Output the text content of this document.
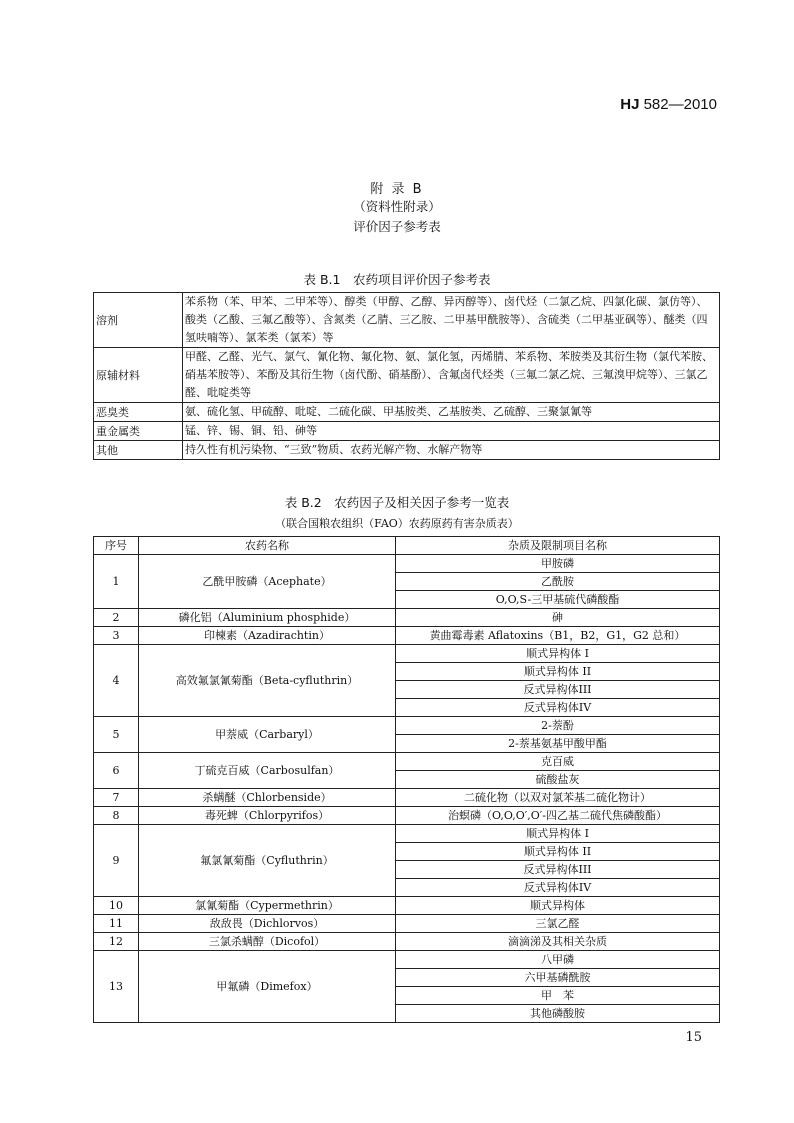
HJ 582—2010
附 录 B
（资料性附录）
评价因子参考表
表 B.1　农药项目评价因子参考表
溶剂	苯系物（苯、甲苯、二甲苯等）、醇类（甲醇、乙醇、异丙醇等）、卤代烃（二氯乙烷、四氯化碳、氯仿等）、酸类（乙酸、三氟乙酸等）、含氮类（乙腈、三乙胺、二甲基甲酰胺等）、含硫类（二甲基亚砜等）、醚类（四氢呋喃等）、氯苯类（氯苯）等
原辅材料	甲醛、乙醛、光气、氯气、氰化物、氟化物、氨、氯化氢，丙烯腈、苯系物、苯胺类及其衍生物（氯代苯胺、硝基苯胺等）、苯酚及其衍生物（卤代酚、硝基酚）、含氟卤代烃类（三氟二氯乙烷、三氟溴甲烷等）、三氯乙醛、吡啶类等
恶臭类	氨、硫化氢、甲硫醇、吡啶、二硫化碳、甲基胺类、乙基胺类、乙硫醇、三聚氯氰等
重金属类	锰、锌、锡、铜、铅、砷等
其他	持久性有机污染物、“三致”物质、农药光解产物、水解产物等
表 B.2　农药因子及相关因子参考一览表
（联合国粮农组织（FAO）农药原药有害杂质表）
序号	农药名称	杂质及限制项目名称
1	乙酰甲胺磷（Acephate）	甲胺磷
		乙酰胺
		O,O,S-三甲基硫代磷酸酯
2	磷化铝（Aluminium phosphide）	砷
3	印楝素（Azadirachtin）	黄曲霉毒素 Aflatoxins（B1，B2，G1，G2 总和）
4	高效氟氯氰菊酯（Beta-cyfluthrin）	顺式异构体 I
		顺式异构体 II
		反式异构体III
		反式异构体IV
5	甲萘威（Carbaryl）	2-萘酚
		2-萘基氨基甲酸甲酯
6	丁硫克百威（Carbosulfan）	克百威
		硫酸盐灰
7	杀螨醚（Chlorbenside）	二硫化物（以双对氯苯基二硫化物计）
8	毒死蜱（Chlorpyrifos）	治螟磷（O,O,O′,O′-四乙基二硫代焦磷酸酯）
9	氟氯氰菊酯（Cyfluthrin）	顺式异构体 I
		顺式异构体 II
		反式异构体III
		反式异构体IV
10	氯氰菊酯（Cypermethrin）	顺式异构体
11	敌敌畏（Dichlorvos）	三氯乙醛
12	三氯杀螨醇（Dicofol）	滴滴涕及其相关杂质
13	甲氟磷（Dimefox）	八甲磷
		六甲基磷酰胺
		甲　苯
		其他磷酸胺
15
